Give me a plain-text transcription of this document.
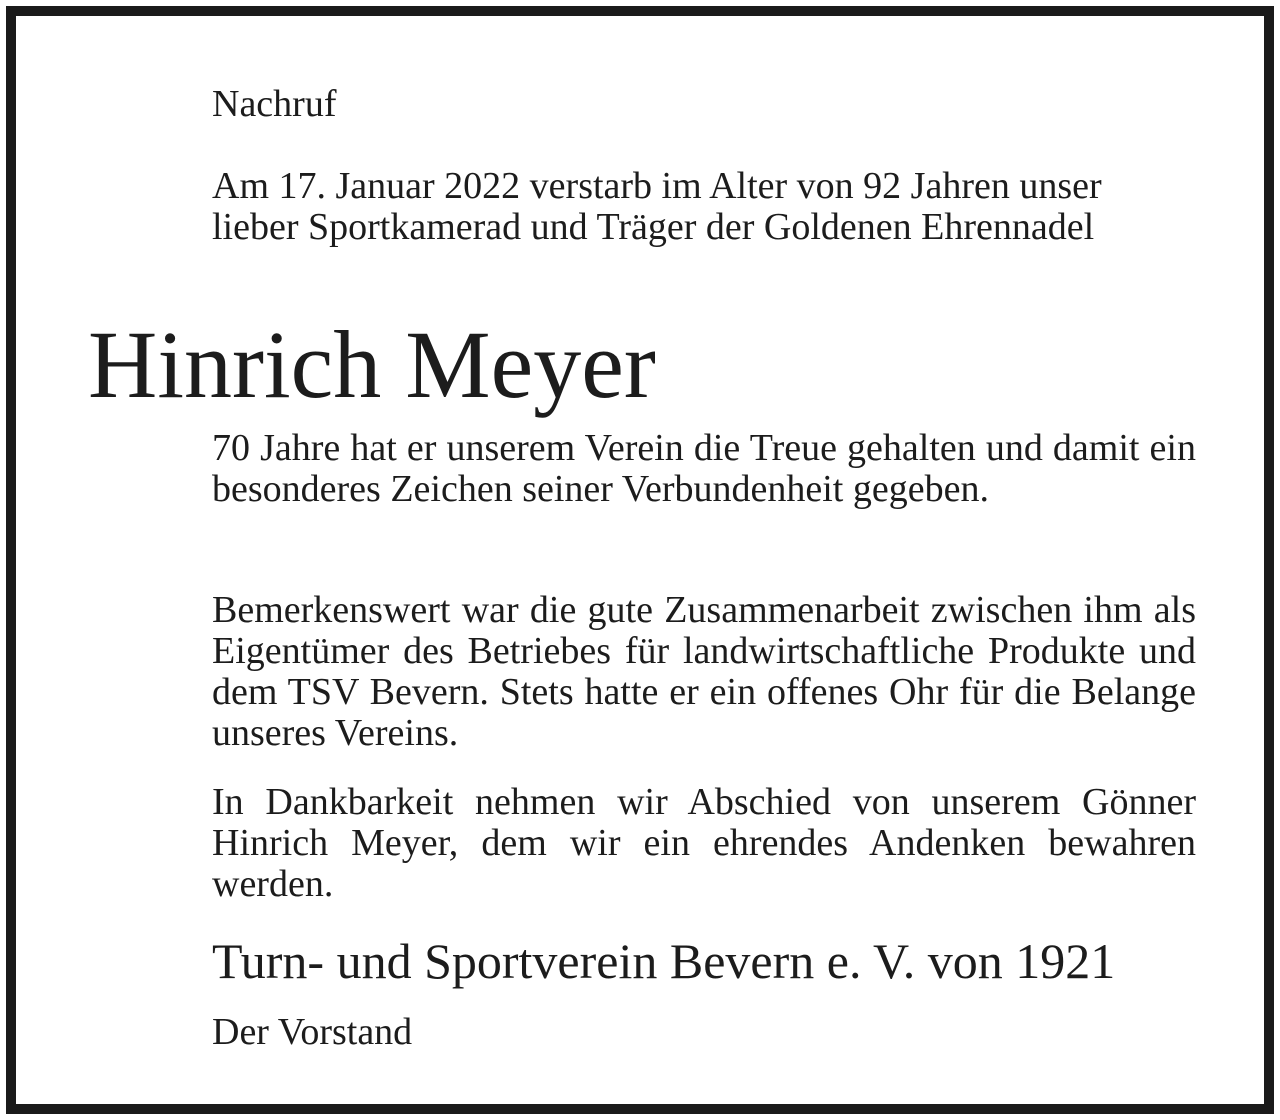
Nachruf

Am 17. Januar 2022 verstarb im Alter von 92 Jahren unser lieber Sportkamerad und Träger der Goldenen Ehrennadel

Hinrich Meyer

70 Jahre hat er unserem Verein die Treue gehalten und damit ein besonderes Zeichen seiner Verbundenheit gegeben.

Bemerkenswert war die gute Zusammenarbeit zwischen ihm als Eigentümer des Betriebes für landwirtschaftliche Produkte und dem TSV Bevern. Stets hatte er ein offenes Ohr für die Belange unseres Vereins.

In Dankbarkeit nehmen wir Abschied von unserem Gönner Hinrich Meyer, dem wir ein ehrendes Andenken bewahren werden.

Turn- und Sportverein Bevern e. V. von 1921

Der Vorstand
